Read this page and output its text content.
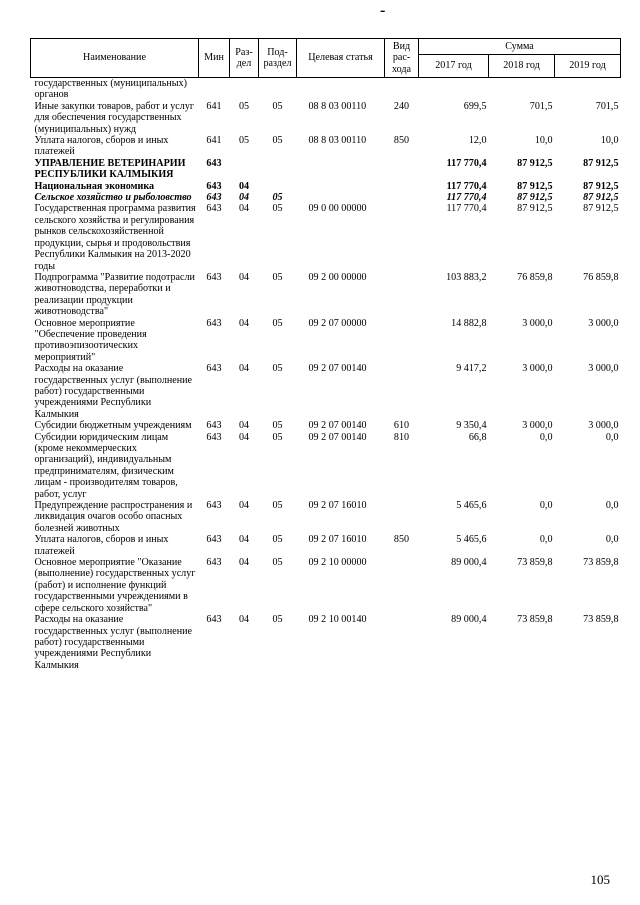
-
Наименование	Мин	Раз-дел	Под-раздел	Целевая статья	Вид рас-хода	Сумма		
						2017 год	2018 год	2019 год
государственных (муниципальных) органов								
Иные закупки товаров, работ и услуг для обеспечения государственных (муниципальных) нужд	641	05	05	08 8 03 00110	240	699,5	701,5	701,5
Уплата налогов, сборов и иных платежей	641	05	05	08 8 03 00110	850	12,0	10,0	10,0
УПРАВЛЕНИЕ ВЕТЕРИНАРИИ РЕСПУБЛИКИ КАЛМЫКИЯ	643					117 770,4	87 912,5	87 912,5
Национальная экономика	643	04				117 770,4	87 912,5	87 912,5
Сельское хозяйство и рыболовство	643	04	05			117 770,4	87 912,5	87 912,5
Государственная программа развития сельского хозяйства и регулирования рынков сельскохозяйственной продукции, сырья и продовольствия Республики Калмыкия на 2013-2020 годы	643	04	05	09 0 00 00000		117 770,4	87 912,5	87 912,5
Подпрограмма "Развитие подотрасли животноводства, переработки и реализации продукции животноводства"	643	04	05	09 2 00 00000		103 883,2	76 859,8	76 859,8
Основное мероприятие "Обеспечение проведения противоэпизоотических мероприятий"	643	04	05	09 2 07 00000		14 882,8	3 000,0	3 000,0
Расходы на оказание государственных услуг (выполнение работ) государственными учреждениями Республики Калмыкия	643	04	05	09 2 07 00140		9 417,2	3 000,0	3 000,0
Субсидии бюджетным учреждениям	643	04	05	09 2 07 00140	610	9 350,4	3 000,0	3 000,0
Субсидии юридическим лицам (кроме некоммерческих организаций), индивидуальным предпринимателям, физическим лицам - производителям товаров, работ, услуг	643	04	05	09 2 07 00140	810	66,8	0,0	0,0
Предупреждение распространения и ликвидация очагов особо опасных болезней животных	643	04	05	09 2 07 16010		5 465,6	0,0	0,0
Уплата налогов, сборов и иных платежей	643	04	05	09 2 07 16010	850	5 465,6	0,0	0,0
Основное мероприятие "Оказание (выполнение) государственных услуг (работ) и исполнение функций государственными учреждениями в сфере сельского хозяйства"	643	04	05	09 2 10 00000		89 000,4	73 859,8	73 859,8
Расходы на оказание государственных услуг (выполнение работ) государственными учреждениями Республики Калмыкия	643	04	05	09 2 10 00140		89 000,4	73 859,8	73 859,8
105
